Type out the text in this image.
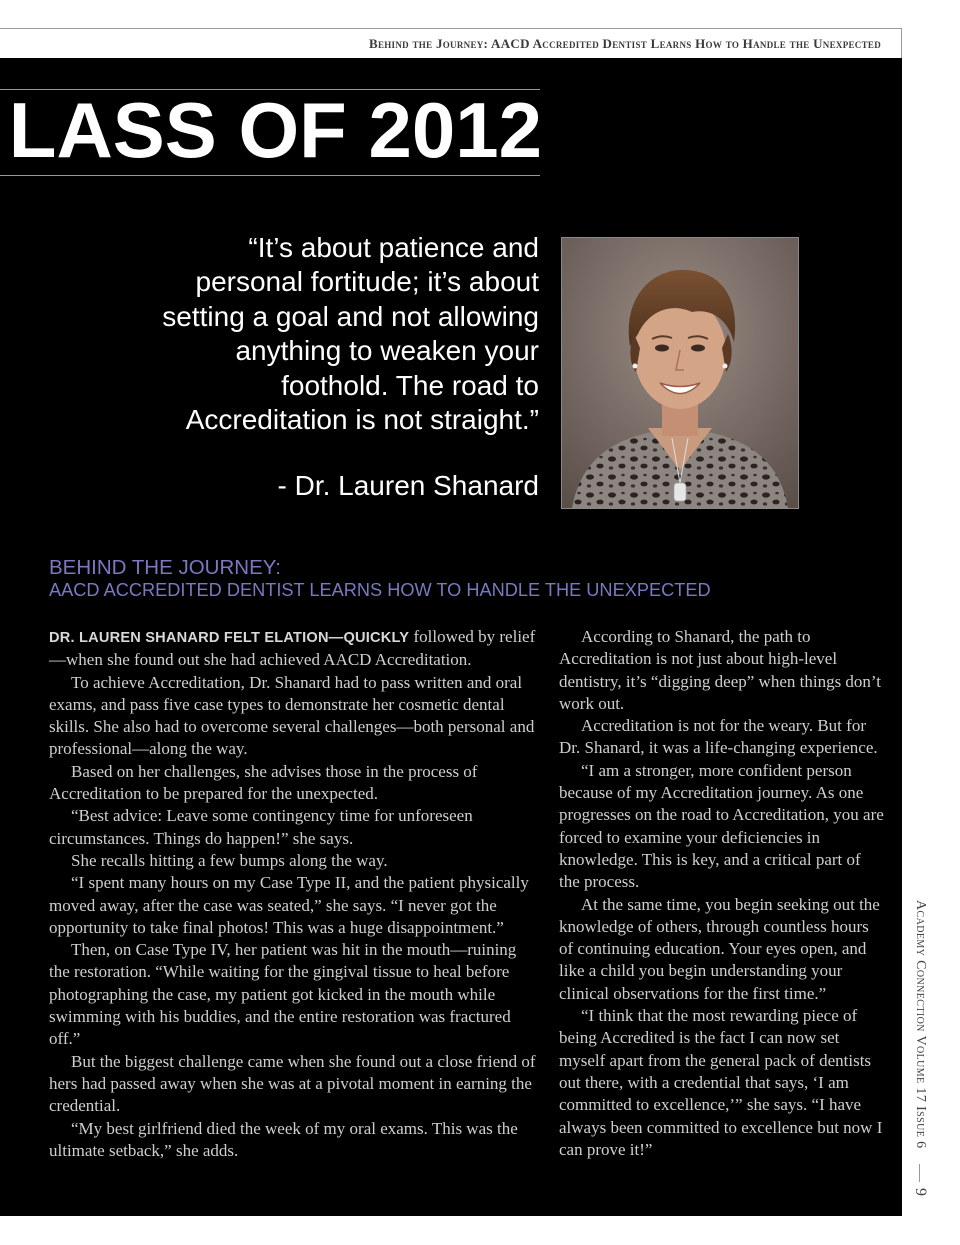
Behind the Journey: AACD Accredited Dentist Learns How to Handle the Unexpected
LASS OF 2012
“It’s about patience and personal fortitude; it’s about setting a goal and not allowing anything to weaken your foothold. The road to Accreditation is not straight.”
- Dr. Lauren Shanard
BEHIND THE JOURNEY:
AACD ACCREDITED DENTIST LEARNS HOW TO HANDLE THE UNEXPECTED

DR. LAUREN SHANARD FELT ELATION—QUICKLY followed by relief—when she found out she had achieved AACD Accreditation.

To achieve Accreditation, Dr. Shanard had to pass written and oral exams, and pass five case types to demonstrate her cosmetic dental skills. She also had to overcome several challenges—both personal and professional—along the way.

Based on her challenges, she advises those in the process of Accreditation to be prepared for the unexpected.

“Best advice: Leave some contingency time for unforeseen circumstances. Things do happen!” she says.

She recalls hitting a few bumps along the way.

“I spent many hours on my Case Type II, and the patient physically moved away, after the case was seated,” she says. “I never got the opportunity to take final photos! This was a huge disappointment.”

Then, on Case Type IV, her patient was hit in the mouth—ruining the restoration. “While waiting for the gingival tissue to heal before photographing the case, my patient got kicked in the mouth while swimming with his buddies, and the entire restoration was fractured off.”

But the biggest challenge came when she found out a close friend of hers had passed away when she was at a pivotal moment in earning the credential.

“My best girlfriend died the week of my oral exams. This was the ultimate setback,” she adds.

According to Shanard, the path to Accreditation is not just about high-level dentistry, it’s “digging deep” when things don’t work out.

Accreditation is not for the weary. But for Dr. Shanard, it was a life-changing experience.

“I am a stronger, more confident person because of my Accreditation journey. As one progresses on the road to Accreditation, you are forced to examine your deficiencies in knowledge. This is key, and a critical part of the process.

At the same time, you begin seeking out the knowledge of others, through countless hours of continuing education. Your eyes open, and like a child you begin understanding your clinical observations for the first time.”

“I think that the most rewarding piece of being Accredited is the fact I can now set myself apart from the general pack of dentists out there, with a credential that says, ‘I am committed to excellence,’” she says. “I have always been committed to excellence but now I can prove it!”

Academy Connection Volume 17 Issue 6
9
